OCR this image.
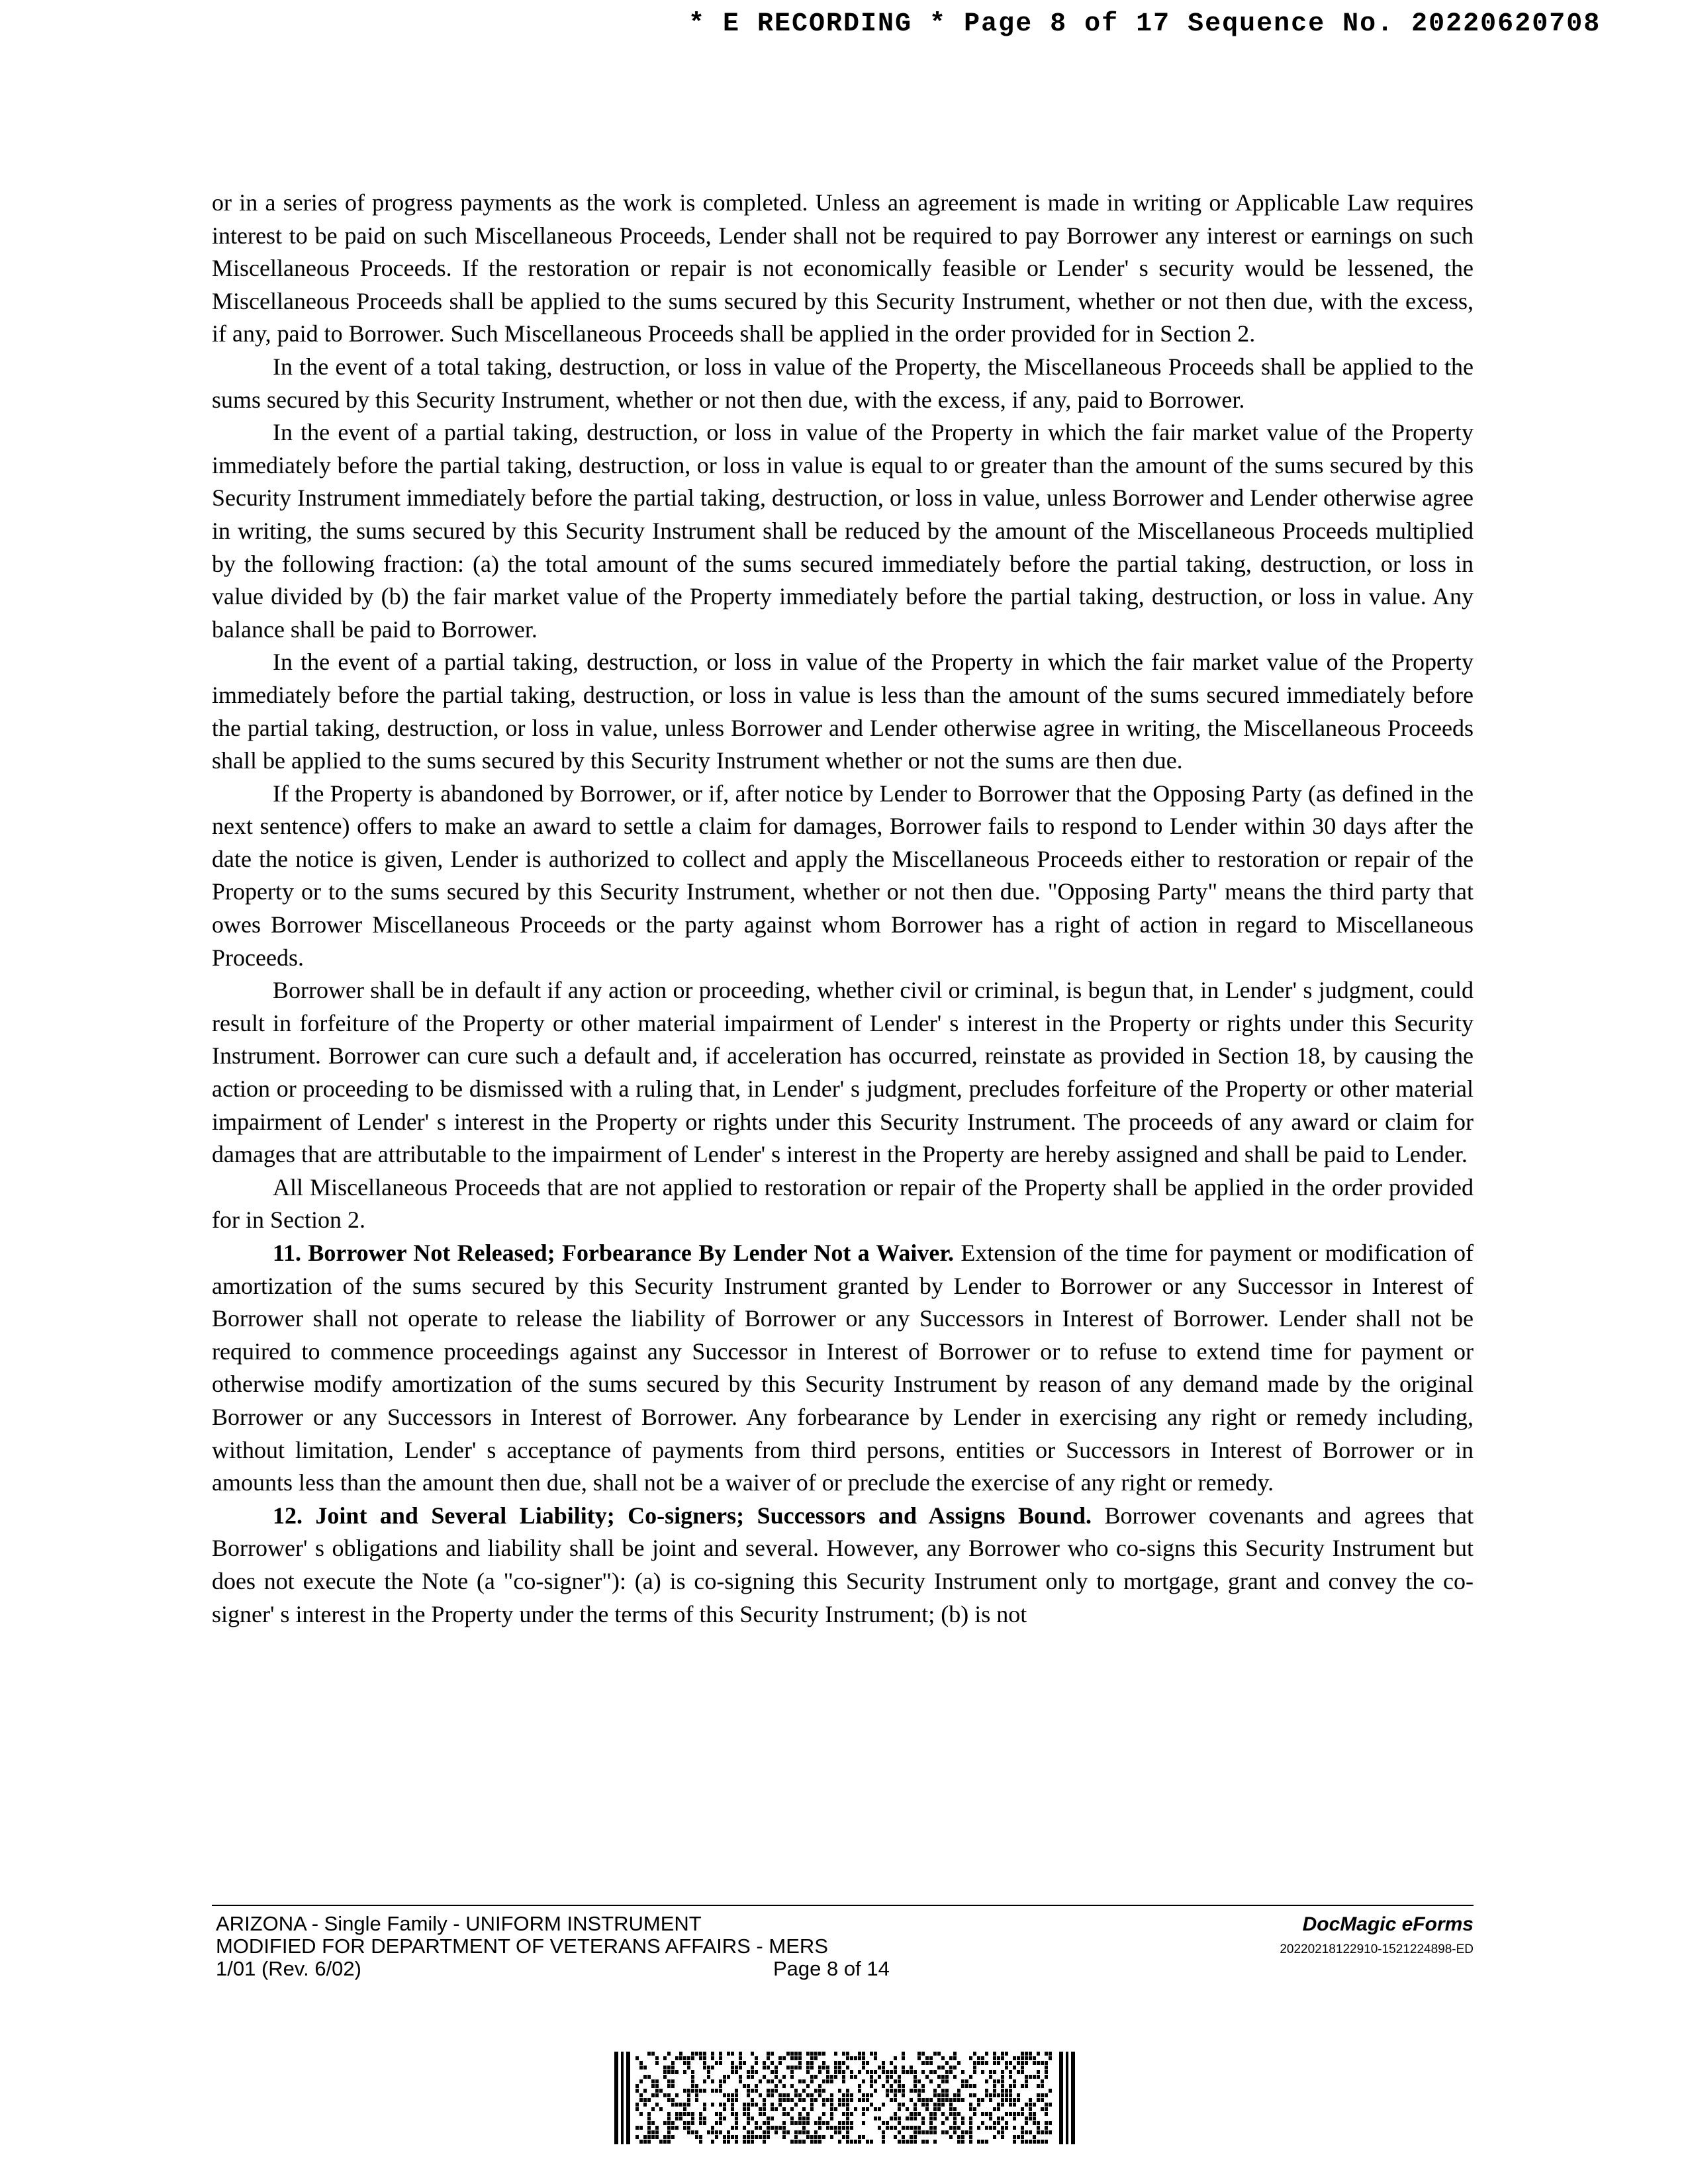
* E RECORDING * Page 8 of 17 Sequence No. 20220620708

or in a series of progress payments as the work is completed. Unless an agreement is made in writing or Applicable Law requires interest to be paid on such Miscellaneous Proceeds, Lender shall not be required to pay Borrower any interest or earnings on such Miscellaneous Proceeds. If the restoration or repair is not economically feasible or Lender' s security would be lessened, the Miscellaneous Proceeds shall be applied to the sums secured by this Security Instrument, whether or not then due, with the excess, if any, paid to Borrower. Such Miscellaneous Proceeds shall be applied in the order provided for in Section 2.

In the event of a total taking, destruction, or loss in value of the Property, the Miscellaneous Proceeds shall be applied to the sums secured by this Security Instrument, whether or not then due, with the excess, if any, paid to Borrower.

In the event of a partial taking, destruction, or loss in value of the Property in which the fair market value of the Property immediately before the partial taking, destruction, or loss in value is equal to or greater than the amount of the sums secured by this Security Instrument immediately before the partial taking, destruction, or loss in value, unless Borrower and Lender otherwise agree in writing, the sums secured by this Security Instrument shall be reduced by the amount of the Miscellaneous Proceeds multiplied by the following fraction: (a) the total amount of the sums secured immediately before the partial taking, destruction, or loss in value divided by (b) the fair market value of the Property immediately before the partial taking, destruction, or loss in value. Any balance shall be paid to Borrower.

In the event of a partial taking, destruction, or loss in value of the Property in which the fair market value of the Property immediately before the partial taking, destruction, or loss in value is less than the amount of the sums secured immediately before the partial taking, destruction, or loss in value, unless Borrower and Lender otherwise agree in writing, the Miscellaneous Proceeds shall be applied to the sums secured by this Security Instrument whether or not the sums are then due.

If the Property is abandoned by Borrower, or if, after notice by Lender to Borrower that the Opposing Party (as defined in the next sentence) offers to make an award to settle a claim for damages, Borrower fails to respond to Lender within 30 days after the date the notice is given, Lender is authorized to collect and apply the Miscellaneous Proceeds either to restoration or repair of the Property or to the sums secured by this Security Instrument, whether or not then due. "Opposing Party" means the third party that owes Borrower Miscellaneous Proceeds or the party against whom Borrower has a right of action in regard to Miscellaneous Proceeds.

Borrower shall be in default if any action or proceeding, whether civil or criminal, is begun that, in Lender' s judgment, could result in forfeiture of the Property or other material impairment of Lender' s interest in the Property or rights under this Security Instrument. Borrower can cure such a default and, if acceleration has occurred, reinstate as provided in Section 18, by causing the action or proceeding to be dismissed with a ruling that, in Lender' s judgment, precludes forfeiture of the Property or other material impairment of Lender' s interest in the Property or rights under this Security Instrument. The proceeds of any award or claim for damages that are attributable to the impairment of Lender' s interest in the Property are hereby assigned and shall be paid to Lender.

All Miscellaneous Proceeds that are not applied to restoration or repair of the Property shall be applied in the order provided for in Section 2.

11. Borrower Not Released; Forbearance By Lender Not a Waiver. Extension of the time for payment or modification of amortization of the sums secured by this Security Instrument granted by Lender to Borrower or any Successor in Interest of Borrower shall not operate to release the liability of Borrower or any Successors in Interest of Borrower. Lender shall not be required to commence proceedings against any Successor in Interest of Borrower or to refuse to extend time for payment or otherwise modify amortization of the sums secured by this Security Instrument by reason of any demand made by the original Borrower or any Successors in Interest of Borrower. Any forbearance by Lender in exercising any right or remedy including, without limitation, Lender' s acceptance of payments from third persons, entities or Successors in Interest of Borrower or in amounts less than the amount then due, shall not be a waiver of or preclude the exercise of any right or remedy.

12. Joint and Several Liability; Co-signers; Successors and Assigns Bound. Borrower covenants and agrees that Borrower' s obligations and liability shall be joint and several. However, any Borrower who co-signs this Security Instrument but does not execute the Note (a "co-signer"): (a) is co-signing this Security Instrument only to mortgage, grant and convey the co-signer' s interest in the Property under the terms of this Security Instrument; (b) is not

ARIZONA - Single Family - UNIFORM INSTRUMENT
MODIFIED FOR DEPARTMENT OF VETERANS AFFAIRS - MERS
1/01 (Rev. 6/02)	Page 8 of 14
DocMagic eForms
20220218122910-1521224898-ED
